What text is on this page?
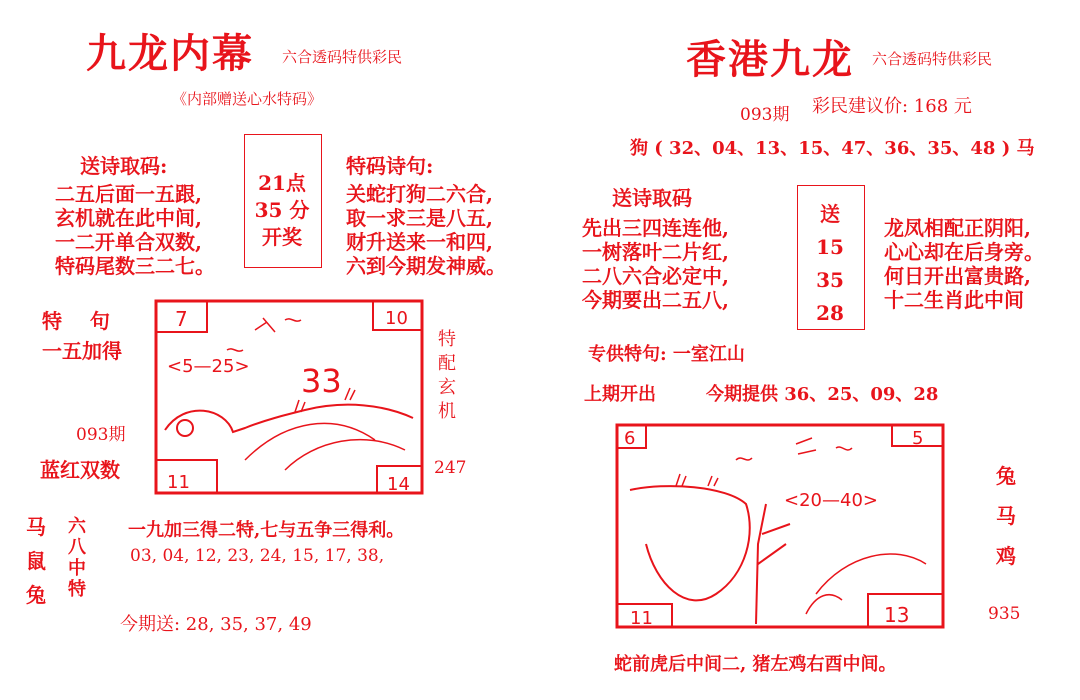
九龙内幕 六合透码特供彩民
《内部赠送心水特码》
送诗取码:
二五后面一五跟,
玄机就在此中间,
一二开单合双数,
特码尾数三二七。
21点
35 分
开奖
特码诗句:
关蛇打狗二六合,
取一求三是八五,
财升送来一和四,
六到今期发神威。
特    句
一五加得
093期
蓝红双数
特配玄机
247
7	10
11	14
<5—25> 33
马
鼠
兔
六八中特
一九加三得二特,七与五争三得利。
03, 04, 12, 23, 24, 15, 17, 38,
今期送: 28, 35, 37, 49
香港九龙 六合透码特供彩民
093期 彩民建议价: 168 元
狗 ( 32、04、13、15、47、36、35、48 ) 马
送诗取码
先出三四连连他,
一树落叶二片红,
二八六合必定中,
今期要出二五八,
送
15
35
28
龙凤相配正阴阳,
心心却在后身旁。
何日开出富贵路,
十二生肖此中间
专供特句: 一室江山
上期开出	今期提供 36、25、09、28
6	5
11	13
<20—40>
兔
马
鸡
935
蛇前虎后中间二, 猪左鸡右酉中间。
